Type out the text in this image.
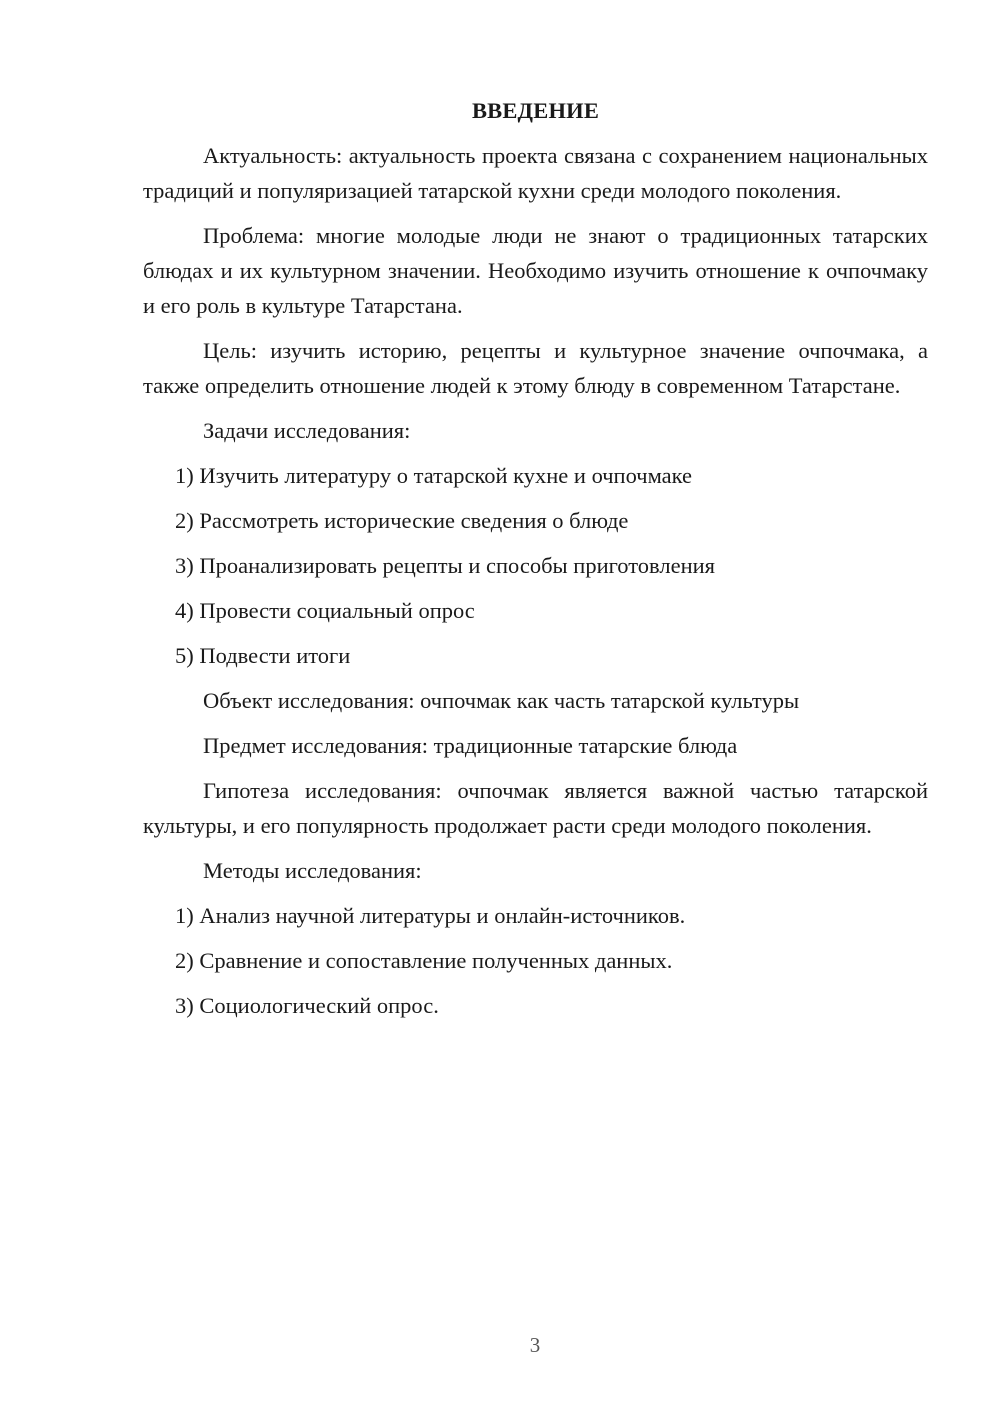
ВВЕДЕНИЕ

Актуальность: актуальность проекта связана с сохранением национальных традиций и популяризацией татарской кухни среди молодого поколения.

Проблема: многие молодые люди не знают о традиционных татарских блюдах и их культурном значении. Необходимо изучить отношение к очпочмаку и его роль в культуре Татарстана.

Цель: изучить историю, рецепты и культурное значение очпочмака, а также определить отношение людей к этому блюду в современном Татарстане.

Задачи исследования:
1) Изучить литературу о татарской кухне и очпочмаке
2) Рассмотреть исторические сведения о блюде
3) Проанализировать рецепты и способы приготовления
4) Провести социальный опрос
5) Подвести итоги
Объект исследования: очпочмак как часть татарской культуры
Предмет исследования: традиционные татарские блюда

Гипотеза исследования: очпочмак является важной частью татарской культуры, и его популярность продолжает расти среди молодого поколения.

Методы исследования:
1) Анализ научной литературы и онлайн-источников.
2) Сравнение и сопоставление полученных данных.
3) Социологический опрос.
3
